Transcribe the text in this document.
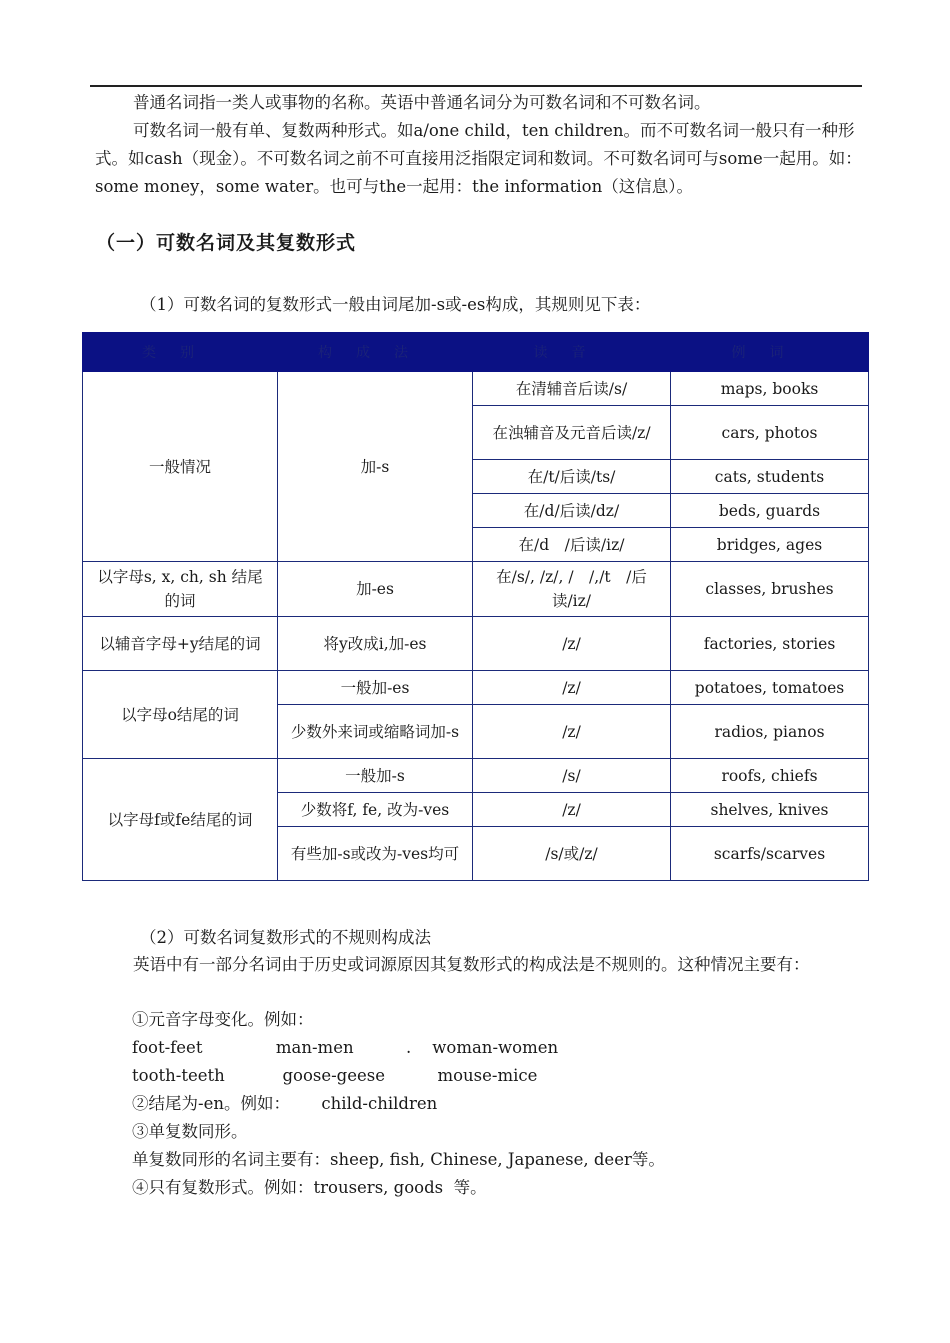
普通名词指一类人或事物的名称。英语中普通名词分为可数名词和不可数名词。

可数名词一般有单、复数两种形式。如a/one child，ten children。而不可数名词一般只有一种形式。如cash（现金）。不可数名词之前不可直接用泛指限定词和数词。不可数名词可与some一起用。如：some money，some water。也可与the一起用：the information（这信息）。

（一）可数名词及其复数形式

（1）可数名词的复数形式一般由词尾加-s或-es构成，其规则见下表：

类别	构成法	读音	例词
一般情况	加-s	在清辅音后读/s/	maps, books
		在浊辅音及元音后读/z/	cars, photos
		在/t/后读/ts/	cats, students
		在/d/后读/dz/	beds, guards
		在/d　/后读/iz/	bridges, ages
以字母s, x, ch, sh 结尾的词	加-es	在/s/, /z/, /　/,/t　/后读/iz/	classes, brushes
以辅音字母+y结尾的词	将y改成i,加-es	/z/	factories, stories
以字母o结尾的词	一般加-es	/z/	potatoes, tomatoes
	少数外来词或缩略词加-s	/z/	radios, pianos
以字母f或fe结尾的词	一般加-s	/s/	roofs, chiefs
	少数将f, fe, 改为-ves	/z/	shelves, knives
	有些加-s或改为-ves均可	/s/或/z/	scarfs/scarves

（2）可数名词复数形式的不规则构成法

英语中有一部分名词由于历史或词源原因其复数形式的构成法是不规则的。这种情况主要有：

①元音字母变化。例如：

foot-feet              man-men          .    woman-women

tooth-teeth           goose-geese          mouse-mice

②结尾为-en。例如：      child-children

③单复数同形。

单复数同形的名词主要有：sheep, fish, Chinese, Japanese, deer等。

④只有复数形式。例如：trousers, goods  等。
